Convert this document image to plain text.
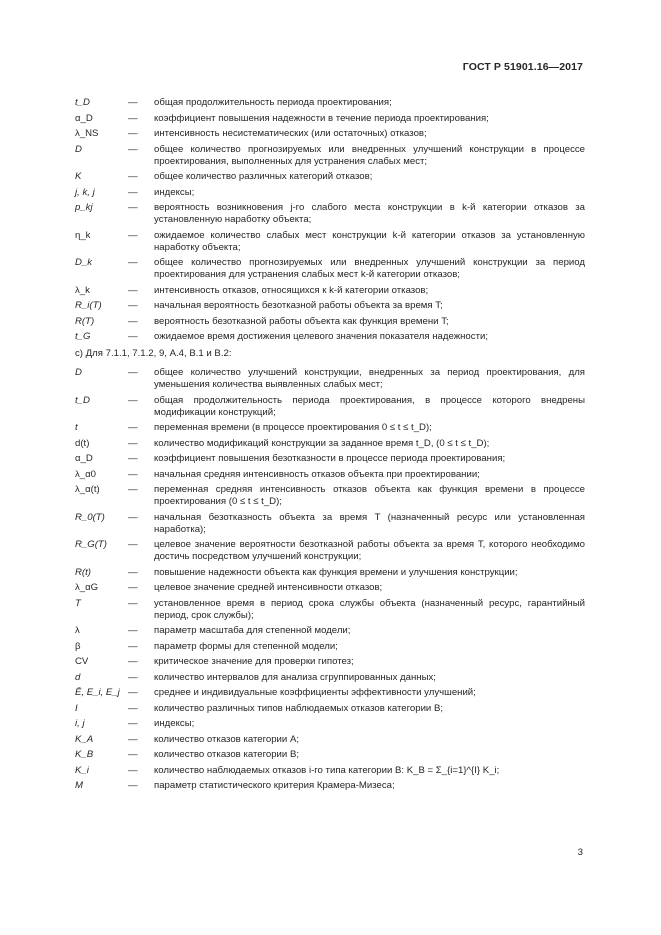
ГОСТ Р 51901.16—2017
t_D	—	общая продолжительность периода проектирования;
α_D	—	коэффициент повышения надежности в течение периода проектирования;
λ_NS	—	интенсивность несистематических (или остаточных) отказов;
D	—	общее количество прогнозируемых или внедренных улучшений конструкции в процессе проектирования, выполненных для устранения слабых мест;
K	—	общее количество различных категорий отказов;
j, k, j	—	индексы;
p_kj	—	вероятность возникновения j-го слабого места конструкции в k-й категории отказов за установленную наработку объекта;
η_k	—	ожидаемое количество слабых мест конструкции k-й категории отказов за установленную наработку объекта;
D_k	—	общее количество прогнозируемых или внедренных улучшений конструкции за период проектирования для устранения слабых мест k-й категории отказов;
λ_k	—	интенсивность отказов, относящихся к k-й категории отказов;
R_i(T)	—	начальная вероятность безотказной работы объекта за время T;
R(T)	—	вероятность безотказной работы объекта как функция времени T;
t_G	—	ожидаемое время достижения целевого значения показателя надежности;
c) Для 7.1.1, 7.1.2, 9, А.4, В.1 и В.2:
D	—	общее количество улучшений конструкции, внедренных за период проектирования, для уменьшения количества выявленных слабых мест;
t_D	—	общая продолжительность периода проектирования, в процессе которого внедрены модификации конструкций;
t	—	переменная времени (в процессе проектирования 0 ≤ t ≤ t_D);
d(t)	—	количество модификаций конструкции за заданное время t_D, (0 ≤ t ≤ t_D);
α_D	—	коэффициент повышения безотказности в процессе периода проектирования;
λ_α0	—	начальная средняя интенсивность отказов объекта при проектировании;
λ_α(t)	—	переменная средняя интенсивность отказов объекта как функция времени в процессе проектирования (0 ≤ t ≤ t_D);
R_0(T)	—	начальная безотказность объекта за время T (назначенный ресурс или установленная наработка);
R_G(T)	—	целевое значение вероятности безотказной работы объекта за время T, которого необходимо достичь посредством улучшений конструкции;
R(t)	—	повышение надежности объекта как функция времени и улучшения конструкции;
λ_αG	—	целевое значение средней интенсивности отказов;
T	—	установленное время в период срока службы объекта (назначенный ресурс, гарантийный период, срок службы);
λ	—	параметр масштаба для степенной модели;
β	—	параметр формы для степенной модели;
CV	—	критическое значение для проверки гипотез;
d	—	количество интервалов для анализа сгруппированных данных;
Ē, E_i, E_j —	среднее и индивидуальные коэффициенты эффективности улучшений;
I	—	количество различных типов наблюдаемых отказов категории B;
i, j	—	индексы;
K_A	—	количество отказов категории A;
K_B	—	количество отказов категории B;
K_i	—	количество наблюдаемых отказов i-го типа категории B: K_B = Σ_{i=1}^{I} K_i;
M	—	параметр статистического критерия Крамера-Мизеса;
3
